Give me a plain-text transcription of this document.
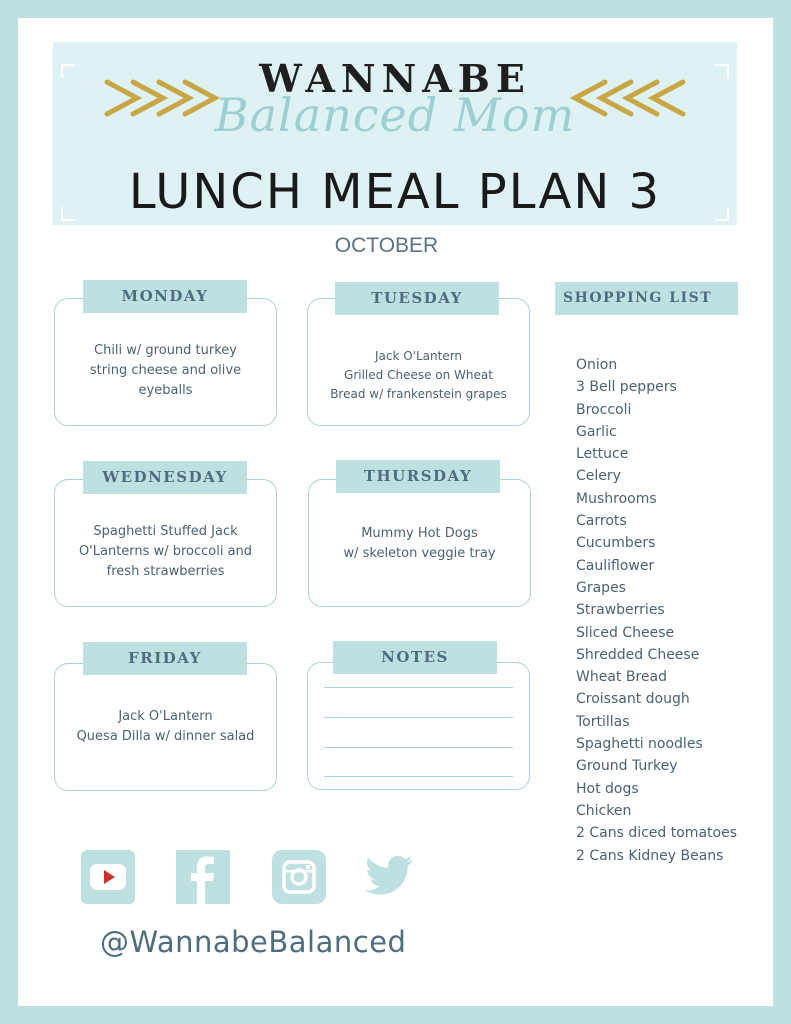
WANNABE
Balanced Mom
LUNCH MEAL PLAN 3
OCTOBER
Chili w/ ground turkey
string cheese and olive
eyeballs
MONDAY
Jack O'Lantern
Grilled Cheese on Wheat
Bread w/ frankenstein grapes
TUESDAY
Spaghetti Stuffed Jack
O'Lanterns w/ broccoli and
fresh strawberries
WEDNESDAY
Mummy Hot Dogs
w/ skeleton veggie tray
THURSDAY
Jack O'Lantern
Quesa Dilla w/ dinner salad
FRIDAY	NOTES
SHOPPING LIST
Onion
3 Bell peppers
Broccoli
Garlic
Lettuce
Celery
Mushrooms
Carrots
Cucumbers
Cauliflower
Grapes
Strawberries
Sliced Cheese
Shredded Cheese
Wheat Bread
Croissant dough
Tortillas
Spaghetti noodles
Ground Turkey
Hot dogs
Chicken
2 Cans diced tomatoes
2 Cans Kidney Beans
@WannabeBalanced
